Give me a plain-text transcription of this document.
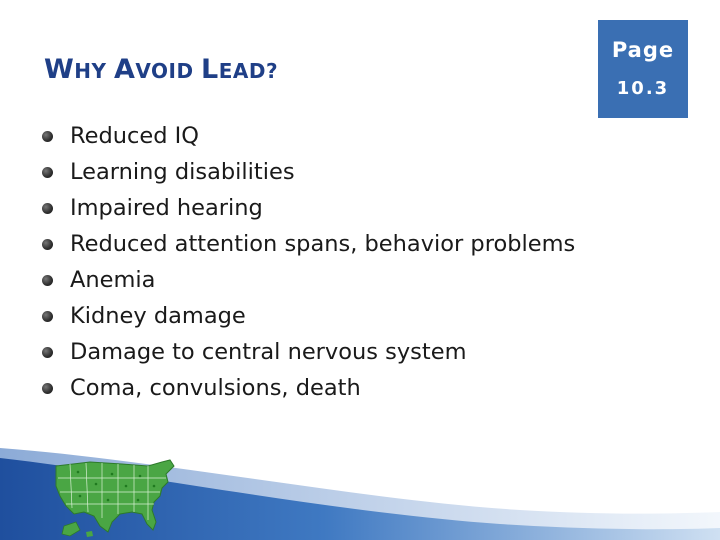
WHY AVOID LEAD?
Page
10.3
Reduced IQ
Learning disabilities
Impaired hearing
Reduced attention spans, behavior problems
Anemia
Kidney damage
Damage to central nervous system
Coma, convulsions, death
